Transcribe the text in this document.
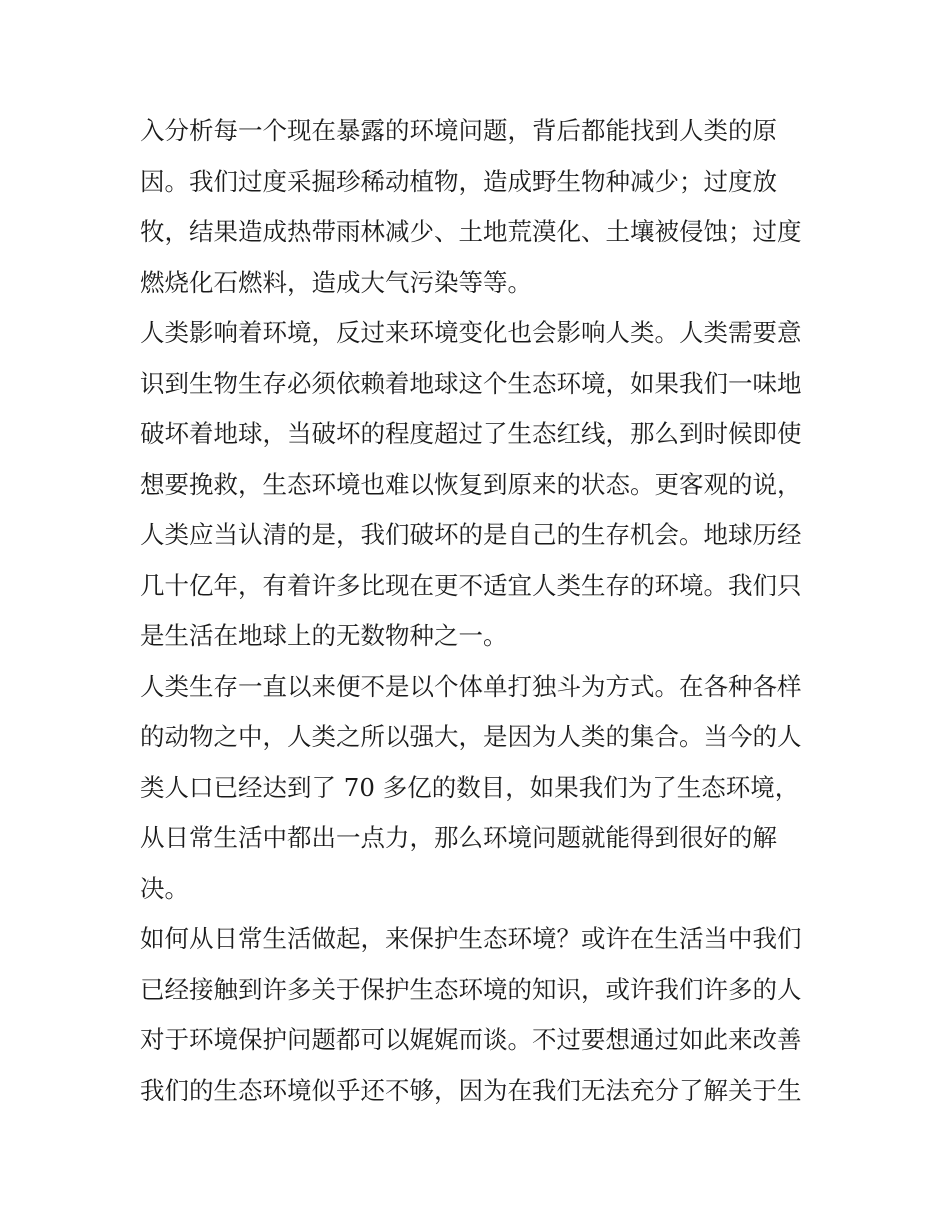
入分析每一个现在暴露的环境问题，背后都能找到人类的原
因。我们过度采掘珍稀动植物，造成野生物种减少；过度放
牧，结果造成热带雨林减少、土地荒漠化、土壤被侵蚀；过度
燃烧化石燃料，造成大气污染等等。
人类影响着环境，反过来环境变化也会影响人类。人类需要意
识到生物生存必须依赖着地球这个生态环境，如果我们一味地
破坏着地球，当破坏的程度超过了生态红线，那么到时候即使
想要挽救，生态环境也难以恢复到原来的状态。更客观的说，
人类应当认清的是，我们破坏的是自己的生存机会。地球历经
几十亿年，有着许多比现在更不适宜人类生存的环境。我们只
是生活在地球上的无数物种之一。
人类生存一直以来便不是以个体单打独斗为方式。在各种各样
的动物之中，人类之所以强大，是因为人类的集合。当今的人
类人口已经达到了 70 多亿的数目，如果我们为了生态环境，
从日常生活中都出一点力，那么环境问题就能得到很好的解
决。
如何从日常生活做起，来保护生态环境？或许在生活当中我们
已经接触到许多关于保护生态环境的知识，或许我们许多的人
对于环境保护问题都可以娓娓而谈。不过要想通过如此来改善
我们的生态环境似乎还不够，因为在我们无法充分了解关于生
